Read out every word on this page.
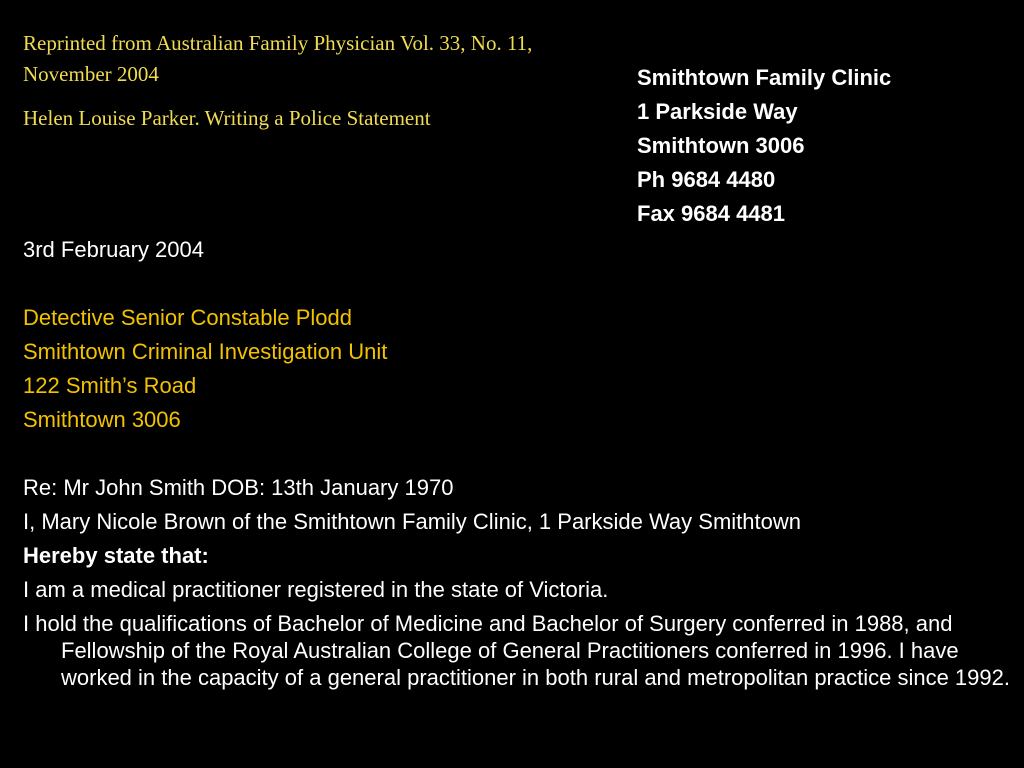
Reprinted from Australian Family Physician Vol. 33, No. 11, November 2004
Helen Louise Parker. Writing a Police Statement
Smithtown Family Clinic
1 Parkside Way
Smithtown 3006
Ph 9684 4480
Fax 9684 4481
3rd February 2004
Detective Senior Constable Plodd
Smithtown Criminal Investigation Unit
122 Smith’s Road
Smithtown 3006
Re: Mr John Smith DOB: 13th January 1970
I, Mary Nicole Brown of the Smithtown Family Clinic, 1 Parkside Way Smithtown
Hereby state that:
I am a medical practitioner registered in the state of Victoria.
I hold the qualifications of Bachelor of Medicine and Bachelor of Surgery conferred in 1988, and Fellowship of the Royal Australian College of General Practitioners conferred in 1996. I have worked in the capacity of a general practitioner in both rural and metropolitan practice since 1992.
